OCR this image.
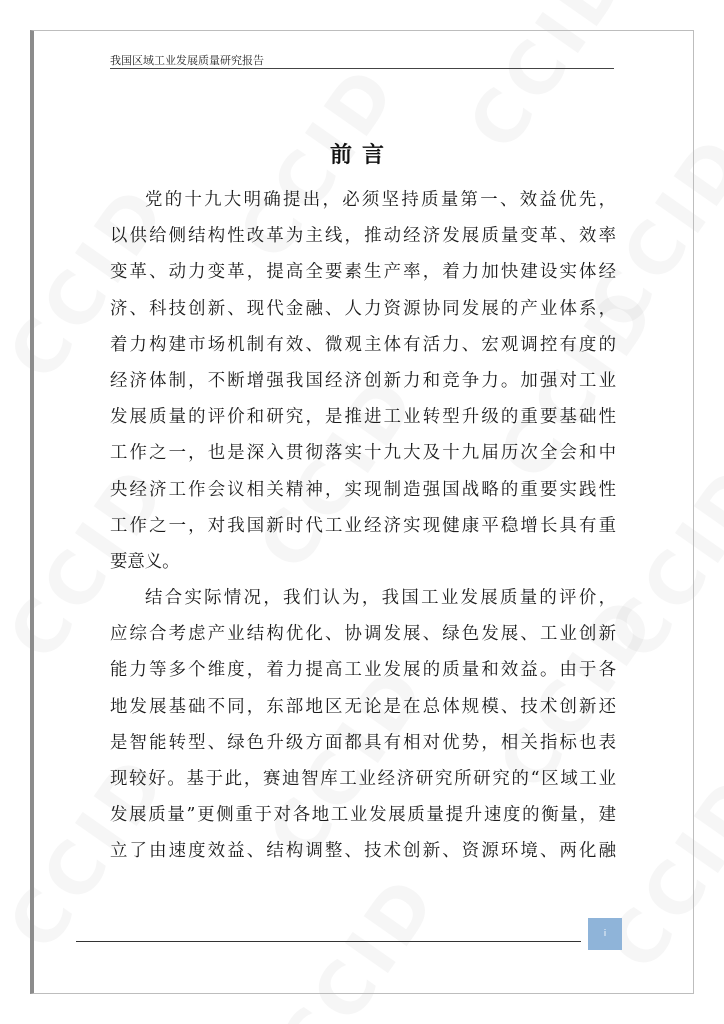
我国区域工业发展质量研究报告
前言
党的十九大明确提出，必须坚持质量第一、效益优先，
以供给侧结构性改革为主线，推动经济发展质量变革、效率
变革、动力变革，提高全要素生产率，着力加快建设实体经
济、科技创新、现代金融、人力资源协同发展的产业体系，
着力构建市场机制有效、微观主体有活力、宏观调控有度的
经济体制，不断增强我国经济创新力和竞争力。加强对工业
发展质量的评价和研究，是推进工业转型升级的重要基础性
工作之一，也是深入贯彻落实十九大及十九届历次全会和中
央经济工作会议相关精神，实现制造强国战略的重要实践性
工作之一，对我国新时代工业经济实现健康平稳增长具有重
要意义。
结合实际情况，我们认为，我国工业发展质量的评价，
应综合考虑产业结构优化、协调发展、绿色发展、工业创新
能力等多个维度，着力提高工业发展的质量和效益。由于各
地发展基础不同，东部地区无论是在总体规模、技术创新还
是智能转型、绿色升级方面都具有相对优势，相关指标也表
现较好。基于此，赛迪智库工业经济研究所研究的“区域工业
发展质量”更侧重于对各地工业发展质量提升速度的衡量，建
立了由速度效益、结构调整、技术创新、资源环境、两化融
i
